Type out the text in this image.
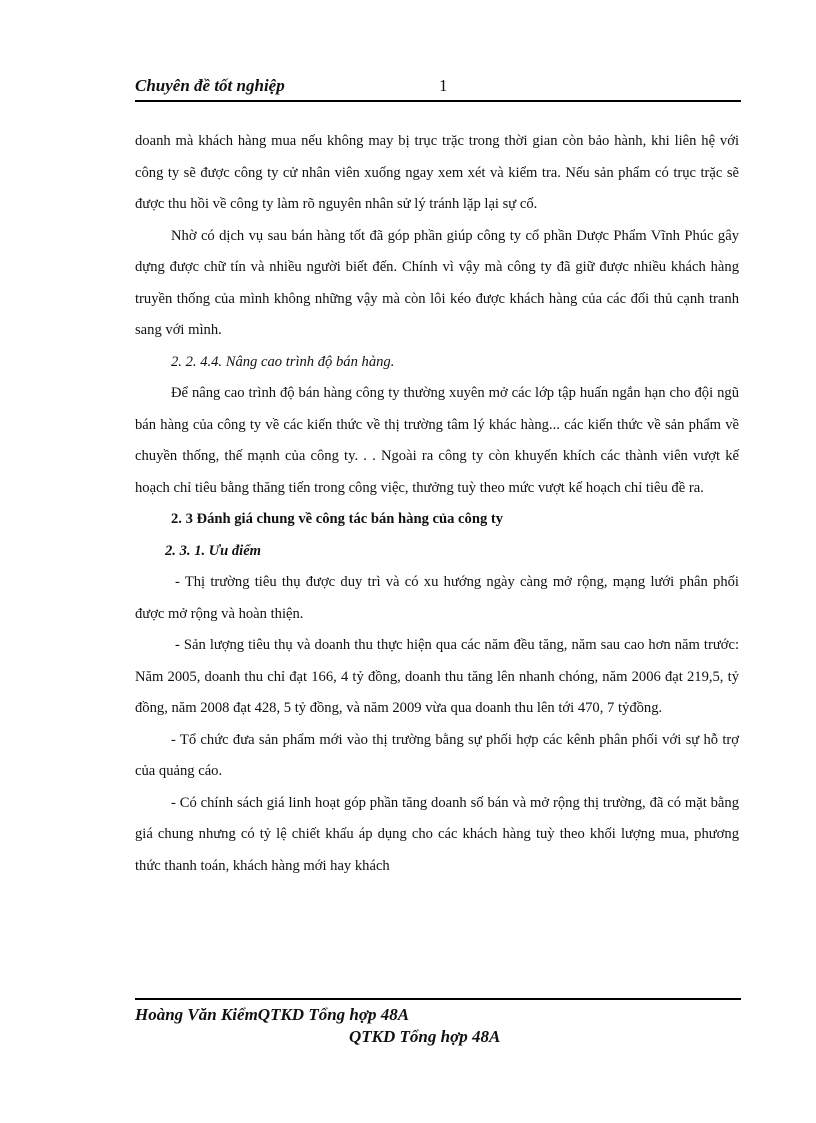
Chuyên đề tốt nghiệp	1

doanh mà khách hàng mua nếu không may bị trục trặc trong thời gian còn bảo hành, khi liên hệ với công ty sẽ được công ty cử nhân viên xuống ngay xem xét và kiểm tra. Nếu sản phẩm có trục trặc sẽ được thu hồi về công ty làm rõ nguyên nhân sử lý tránh lặp lại sự cố.

Nhờ có dịch vụ sau bán hàng tốt đã góp phần giúp công ty cổ phần Dược Phẩm Vĩnh Phúc gây dựng được chữ tín và nhiều người biết đến. Chính vì vậy mà công ty đã giữ được nhiều khách hàng truyền thống của mình không những vậy mà còn lôi kéo được khách hàng của các đối thủ cạnh tranh sang với mình.

2. 2. 4.4. Nâng cao trình độ bán hàng.

Để nâng cao trình độ bán hàng công ty thường xuyên mở các lớp tập huấn ngắn hạn cho đội ngũ bán hàng của công ty về các kiến thức về thị trường tâm lý khác hàng... các kiến thức về sản phẩm về chuyền thống, thế mạnh của công ty. . . Ngoài ra công ty còn khuyến khích các thành viên vượt kế hoạch chỉ tiêu bằng thăng tiến trong công việc, thưởng tuỳ theo mức vượt kế hoạch chỉ tiêu đề ra.

2. 3 Đánh giá chung về công tác bán hàng của công ty

2. 3. 1. Ưu điểm

- Thị trường tiêu thụ được duy trì và có xu hướng ngày càng mở rộng, mạng lưới phân phối được mở rộng và hoàn thiện.

- Sản lượng tiêu thụ và doanh thu thực hiện qua các năm đều tăng, năm sau cao hơn năm trước: Năm 2005, doanh thu chỉ đạt 166, 4 tỷ đồng, doanh thu tăng lên nhanh chóng, năm 2006 đạt 219,5, tỷ đồng, năm 2008 đạt 428, 5 tỷ đồng, và năm 2009 vừa qua doanh thu lên tới 470, 7 tỷđồng.

- Tổ chức đưa sản phẩm mới vào thị trường bằng sự phối hợp các kênh phân phối với sự hỗ trợ của quảng cáo.

- Có chính sách giá linh hoạt góp phần tăng doanh số bán và mở rộng thị trường, đã có mặt bằng giá chung nhưng có tỷ lệ chiết khấu áp dụng cho các khách hàng tuỳ theo khối lượng mua, phương thức thanh toán, khách hàng mới hay khách

Hoàng Văn KiểmQTKD Tổng hợp 48A
QTKD Tổng hợp 48A
